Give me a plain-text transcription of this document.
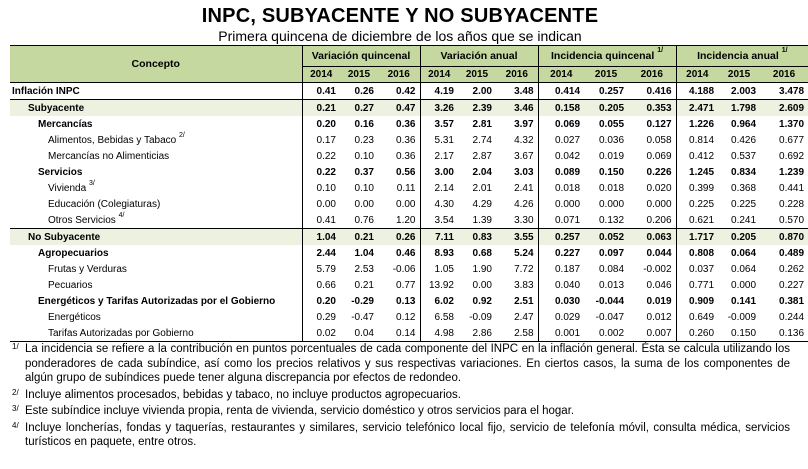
INPC, SUBYACENTE Y NO SUBYACENTE
Primera quincena de diciembre de los años que se indican
Concepto	Variación quincenal			Variación anual			Incidencia quincenal $^{1/}$			Incidencia anual $^{1/}$
	2014	2015	2016	2014	2015	2016	2014	2015	2016	2014	2015	2016
Inflación INPC	0.41	0.26	0.42	4.19	2.00	3.48	0.414	0.257	0.416	4.188	2.003	3.478
Subyacente	0.21	0.27	0.47	3.26	2.39	3.46	0.158	0.205	0.353	2.471	1.798	2.609
Mercancías	0.20	0.16	0.36	3.57	2.81	3.97	0.069	0.055	0.127	1.226	0.964	1.370
Alimentos, Bebidas y Tabaco $^{2/}$	0.17	0.23	0.36	5.31	2.74	4.32	0.027	0.036	0.058	0.814	0.426	0.677
Mercancías no Alimenticias	0.22	0.10	0.36	2.17	2.87	3.67	0.042	0.019	0.069	0.412	0.537	0.692
Servicios	0.22	0.37	0.56	3.00	2.04	3.03	0.089	0.150	0.226	1.245	0.834	1.239
Vivienda $^{3/}$	0.10	0.10	0.11	2.14	2.01	2.41	0.018	0.018	0.020	0.399	0.368	0.441
Educación (Colegiaturas)	0.00	0.00	0.00	4.30	4.29	4.26	0.000	0.000	0.000	0.225	0.225	0.228
Otros Servicios $^{4/}$	0.41	0.76	1.20	3.54	1.39	3.30	0.071	0.132	0.206	0.621	0.241	0.570
No Subyacente	1.04	0.21	0.26	7.11	0.83	3.55	0.257	0.052	0.063	1.717	0.205	0.870
Agropecuarios	2.44	1.04	0.46	8.93	0.68	5.24	0.227	0.097	0.044	0.808	0.064	0.489
Frutas y Verduras	5.79	2.53	-0.06	1.05	1.90	7.72	0.187	0.084	-0.002	0.037	0.064	0.262
Pecuarios	0.66	0.21	0.77	13.92	0.00	3.83	0.040	0.013	0.046	0.771	0.000	0.227
Energéticos y Tarifas Autorizadas por el Gobierno	0.20	-0.29	0.13	6.02	0.92	2.51	0.030	-0.044	0.019	0.909	0.141	0.381
Energéticos	0.29	-0.47	0.12	6.58	-0.09	2.47	0.029	-0.047	0.012	0.649	-0.009	0.244
Tarifas Autorizadas por Gobierno	0.02	0.04	0.14	4.98	2.86	2.58	0.001	0.002	0.007	0.260	0.150	0.136
1/ La incidencia se refiere a la contribución en puntos porcentuales de cada componente del INPC en la inflación general. Ésta se calcula utilizando los ponderadores de cada subíndice, así como los precios relativos y sus respectivas variaciones. En ciertos casos, la suma de los componentes de algún grupo de subíndices puede tener alguna discrepancia por efectos de redondeo.
2/ Incluye alimentos procesados, bebidas y tabaco, no incluye productos agropecuarios.
3/ Este subíndice incluye vivienda propia, renta de vivienda, servicio doméstico y otros servicios para el hogar.
4/ Incluye loncherías, fondas y taquerías, restaurantes y similares, servicio telefónico local fijo, servicio de telefonía móvil, consulta médica, servicios turísticos en paquete, entre otros.
